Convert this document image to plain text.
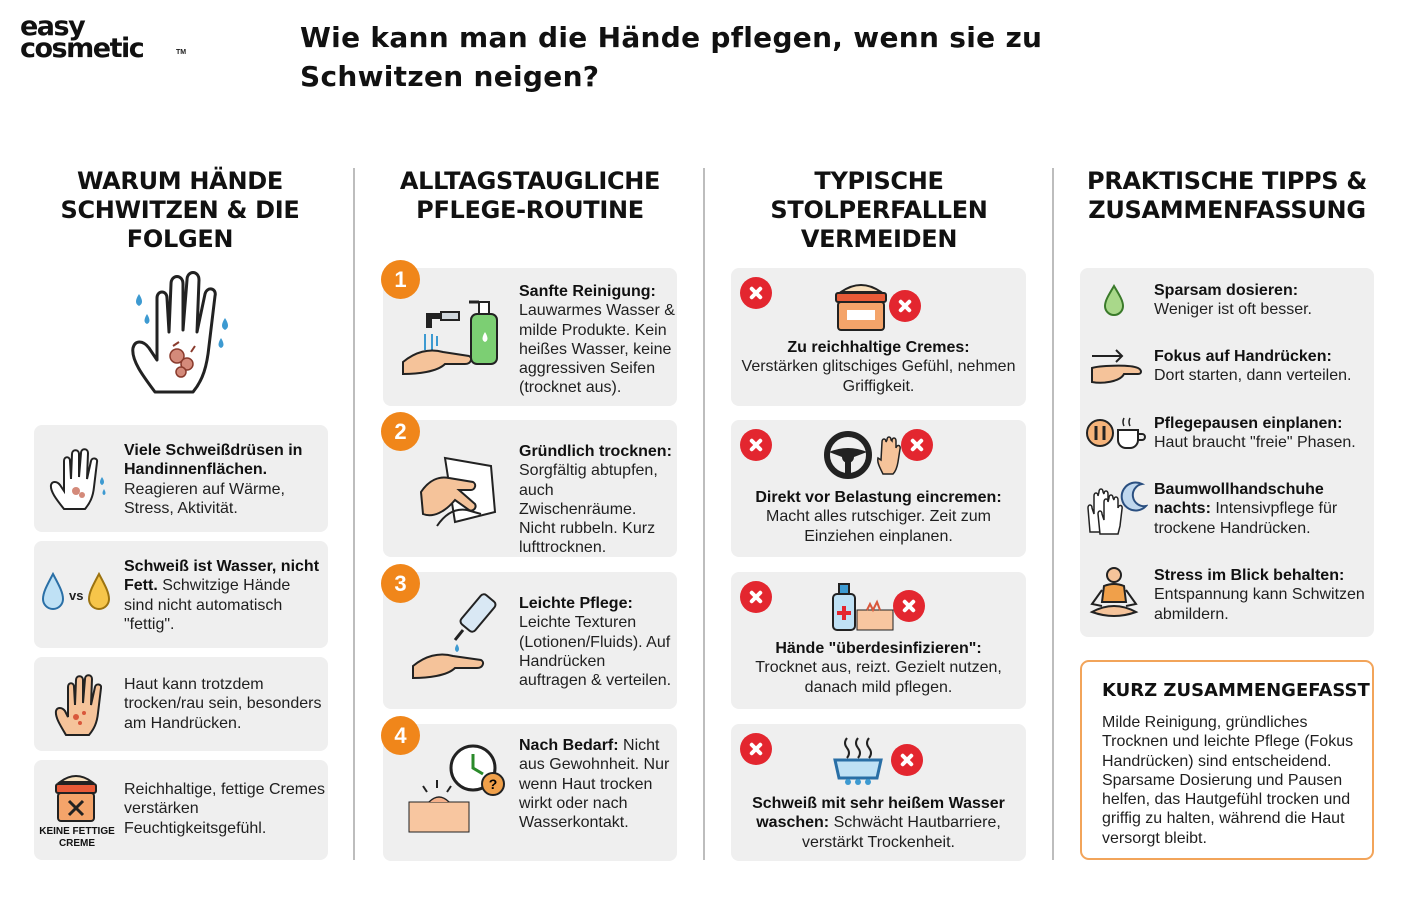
easy
cosmetic	TM	Wie kann man die Hände pflegen, wenn sie zu Schwitzen neigen?
WARUM HÄNDE SCHWITZEN & DIE FOLGEN
ALLTAGSTAUGLICHE PFLEGE-ROUTINE
TYPISCHE STOLPERFALLEN VERMEIDEN
PRAKTISCHE TIPPS & ZUSAMMENFASSUNG
Viele Schweißdrüsen in Handinnenflächen. Reagieren auf Wärme, Stress, Aktivität.
vs
Schweiß ist Wasser, nicht Fett. Schwitzige Hände sind nicht automatisch "fettig".
Haut kann trotzdem trocken/rau sein, besonders am Handrücken.
Reichhaltige, fettige Cremes verstärken Feuchtigkeitsgefühl.
KEINE FETTIGE CREME
Sanfte Reinigung: Lauwarmes Wasser & milde Produkte. Kein heißes Wasser, keine aggressiven Seifen (trocknet aus).
1
Gründlich trocknen: Sorgfältig abtupfen, auch Zwischenräume. Nicht rubbeln. Kurz lufttrocknen.
2
Leichte Pflege: Leichte Texturen (Lotionen/Fluids). Auf Handrücken auftragen & verteilen.
3
?
Nach Bedarf: Nicht aus Gewohnheit. Nur wenn Haut trocken wirkt oder nach Wasserkontakt.
4
Zu reichhaltige Cremes:
Verstärken glitschiges Gefühl, nehmen Griffigkeit.
Direkt vor Belastung eincremen:
Macht alles rutschiger. Zeit zum Einziehen einplanen.
Hände "überdesinfizieren":
Trocknet aus, reizt. Gezielt nutzen, danach mild pflegen.
Schweiß mit sehr heißem Wasser waschen: Schwächt Hautbarriere, verstärkt Trockenheit.
Sparsam dosieren:
Weniger ist oft besser.
Fokus auf Handrücken:
Dort starten, dann verteilen.
Pflegepausen einplanen:
Haut braucht "freie" Phasen.
Baumwollhandschuhe nachts: Intensivpflege für trockene Handrücken.
Stress im Blick behalten:
Entspannung kann Schwitzen abmildern.
KURZ ZUSAMMENGEFASST

Milde Reinigung, gründliches Trocknen und leichte Pflege (Fokus Handrücken) sind entscheidend. Sparsame Dosierung und Pausen helfen, das Hautgefühl trocken und griffig zu halten, während die Haut versorgt bleibt.
